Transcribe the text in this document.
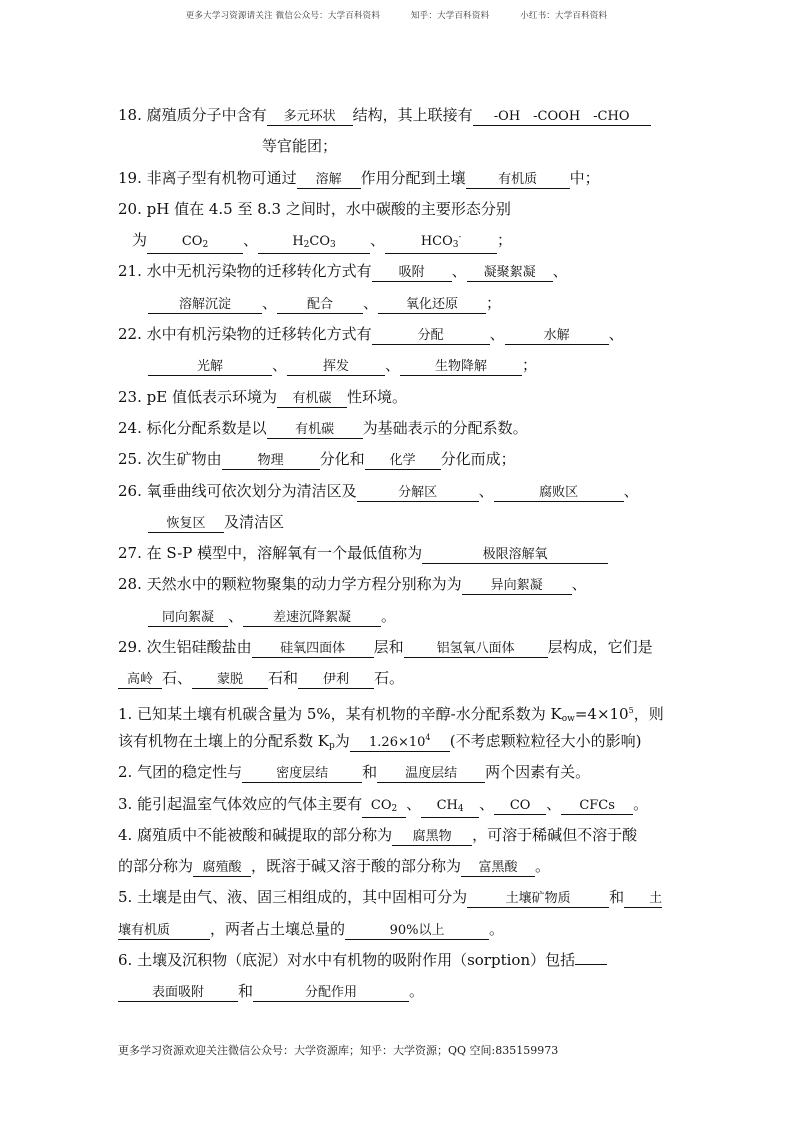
更多大学习资源请关注 微信公众号：大学百科资料	知乎：大学百科资料	小红书：大学百科资料
18. 腐殖质分子中含有 多元环状 结构，其上联接有 -OH　-COOH　-CHO
等官能团；
19. 非离子型有机物可通过 溶解 作用分配到土壤 有机质 中；
20. pH 值在 4.5 至 8.3 之间时，水中碳酸的主要形态分别
为	$CO_2$ 、	$H_2CO_3$ 、	$HCO_3^-$ ；
21. 水中无机污染物的迁移转化方式有 吸附 、 凝聚絮凝 、
溶解沉淀 、 配合 、 氧化还原 ；
22. 水中有机污染物的迁移转化方式有	分配	、	水解	、
光解	、	挥发 、	生物降解 ；
23. pE 值低表示环境为 有机碳 性环境。
24. 标化分配系数是以 有机碳 为基础表示的分配系数。
25. 次生矿物由	物理 分化和 化学 分化而成；
26. 氧垂曲线可依次划分为清洁区及	分解区	、	腐败区	、
恢复区 及清洁区
27. 在 S-P 模型中，溶解氧有一个最低值称为	极限溶解氧
28. 天然水中的颗粒物聚集的动力学方程分别称为为 异向絮凝 、
同向絮凝 、 差速沉降絮凝 。
29. 次生铝硅酸盐由 硅氧四面体 层和	铝氢氧八面体 层构成，它们是
高岭 石、 蒙脱 石和 伊利 石。
1. 已知某土壤有机碳含量为 5%，某有机物的辛醇-水分配系数为 $K_{ow}=4\times 10^5$，则
该有机物在土壤上的分配系数 $K_p$为 $1.26\times 10^4$ (不考虑颗粒粒径大小的影响)
2. 气团的稳定性与	密度层结 和 温度层结 两个因素有关。
3. 能引起温室气体效应的气体主要有 $CO_2$ 、 $CH_4$ 、 CO 、 CFCs 。
4. 腐殖质中不能被酸和碱提取的部分称为 腐黑物 ，可溶于稀碱但不溶于酸
的部分称为 腐殖酸 ，既溶于碱又溶于酸的部分称为 富黑酸 。
5. 土壤是由气、液、固三相组成的，其中固相可分为	土壤矿物质	和 土
壤有机质	，两者占土壤总量的	90%以上	。
6. 土壤及沉积物（底泥）对水中有机物的吸附作用（sorption）包括
表面吸附 和	分配作用	。
更多学习资源欢迎关注微信公众号：大学资源库；知乎：大学资源；QQ 空间:835159973
